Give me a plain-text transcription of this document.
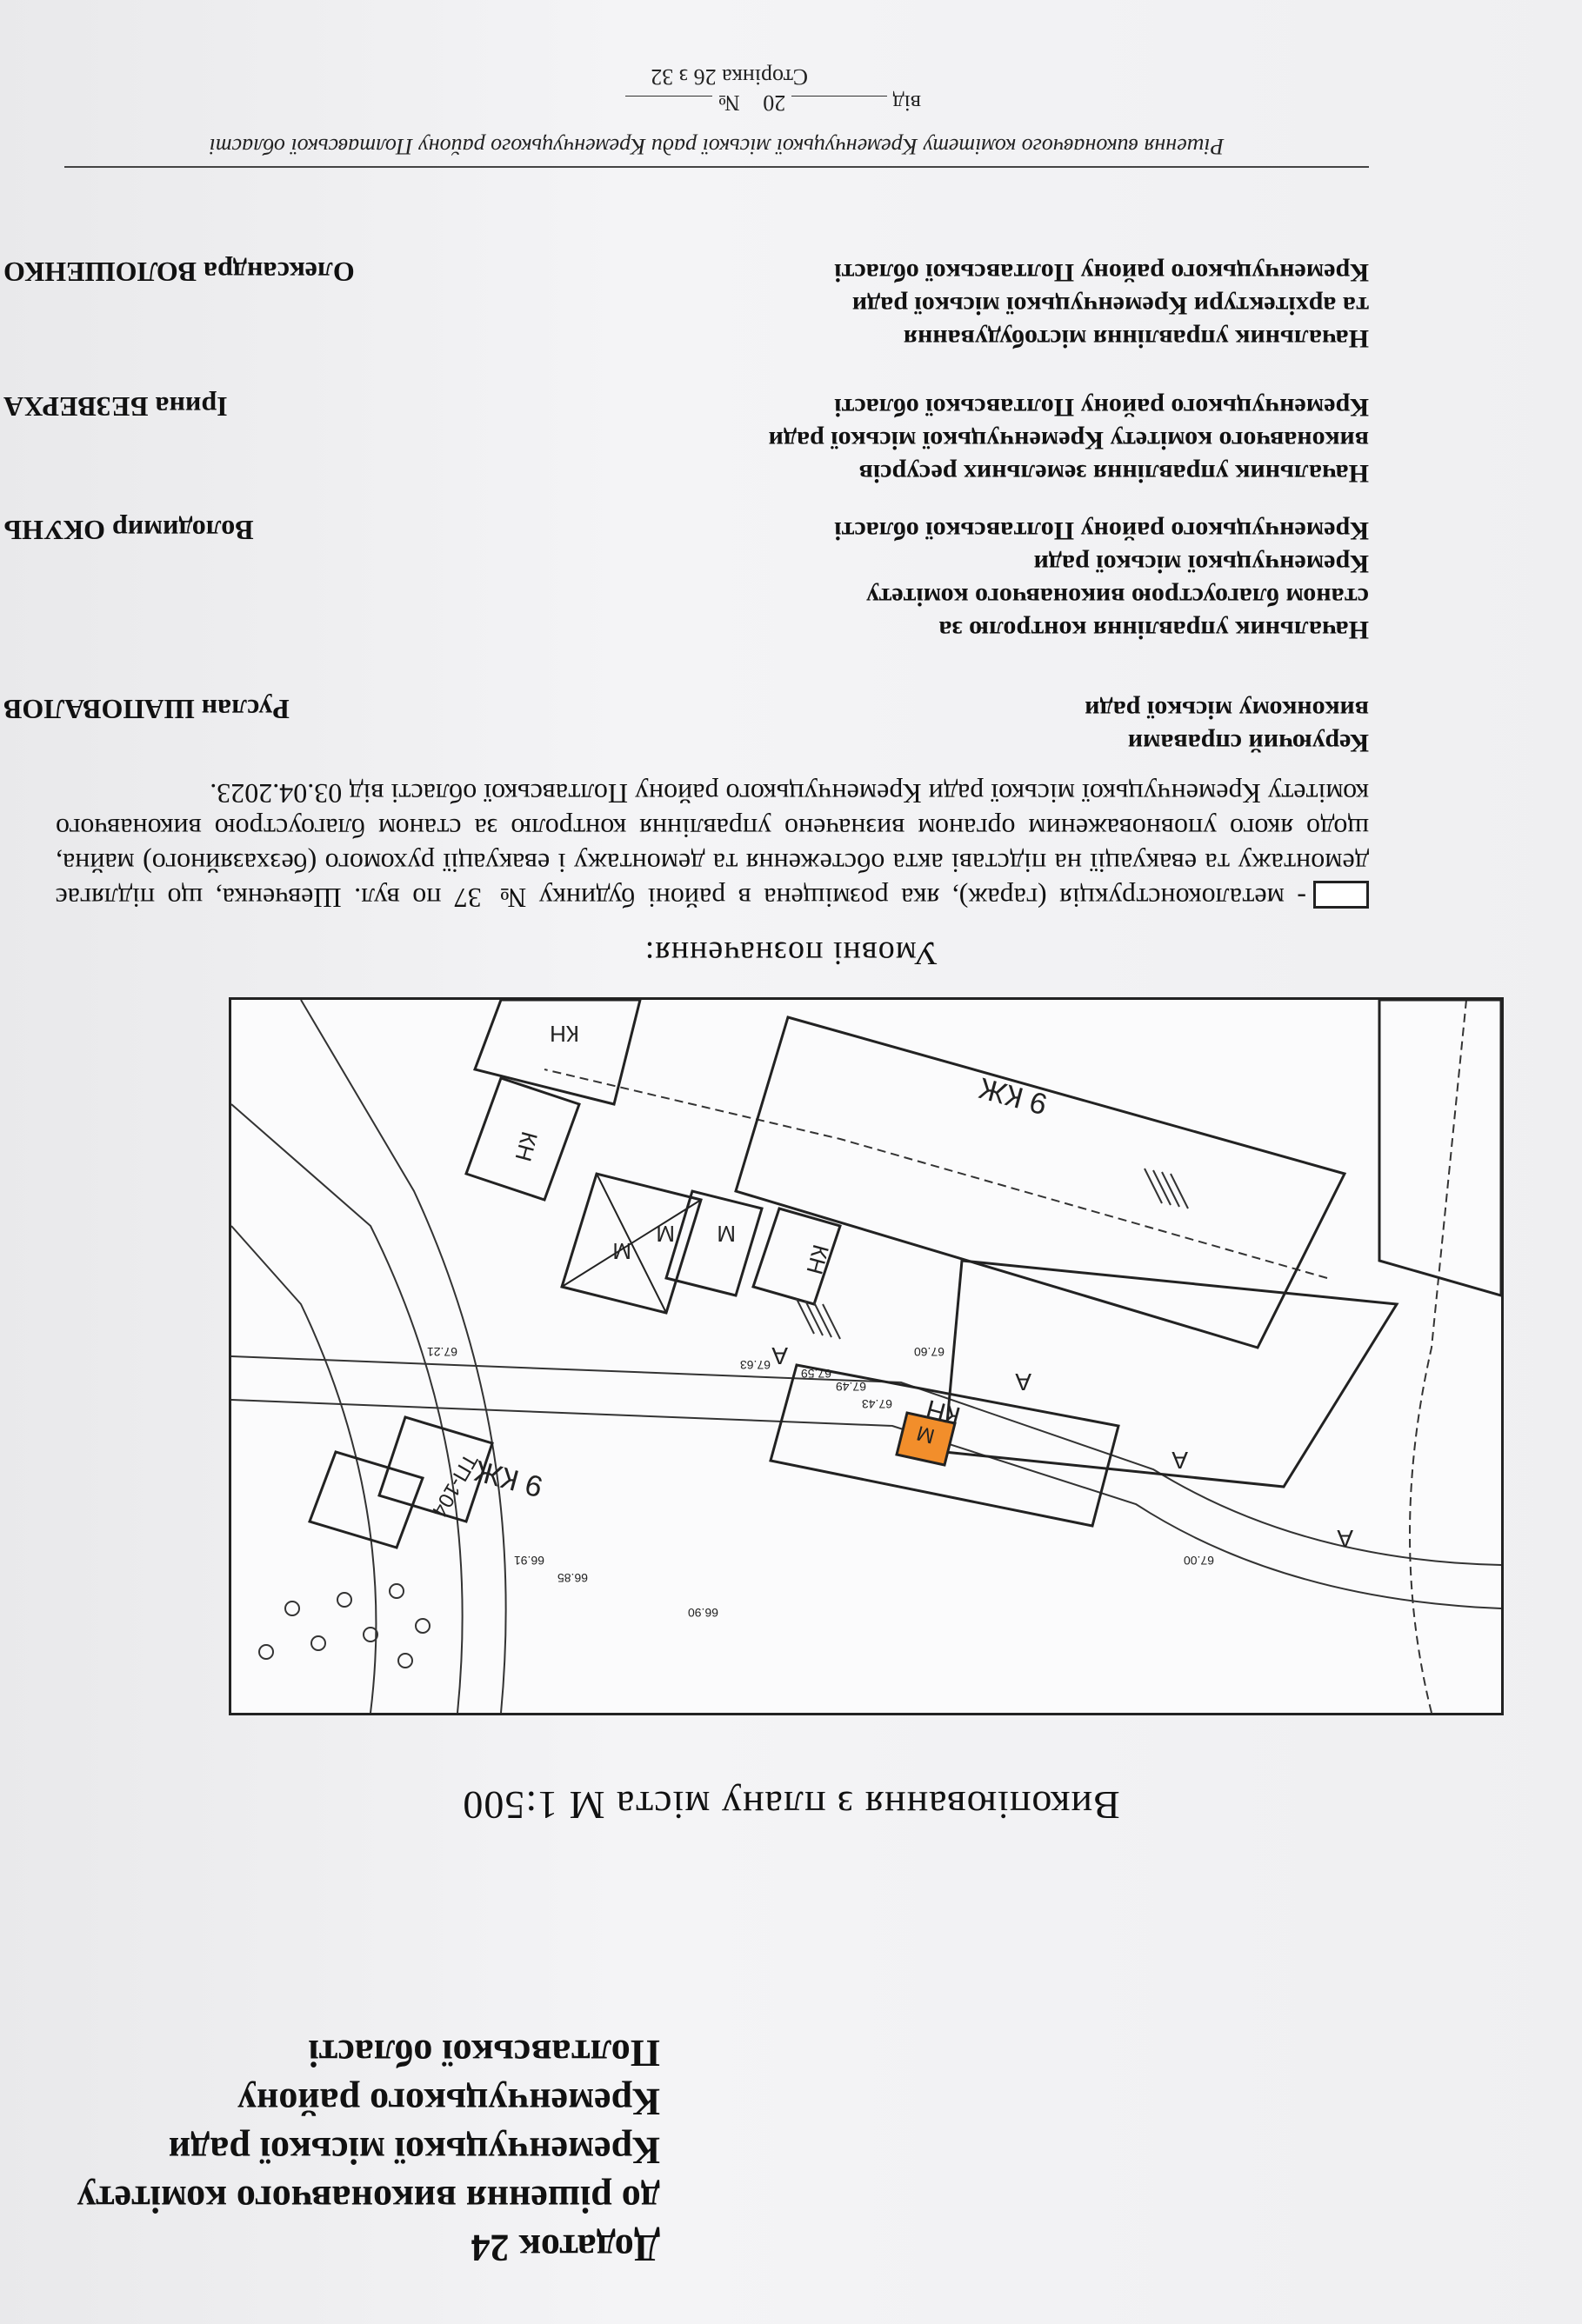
Додаток 24
до рішення виконавчого комітету
Кременчуцької міської ради
Кременчуцького району
Полтавської області
Викопіювання з плану міста М 1:500
9 КЖ
9 КЖ
КН
КН
КН
КН
ТП-104
М
М
М
А
А
А
А
М
67.43
67.49
67.59
67.63
67.60
66.91
66.85
67.00
67.21
66.90
Умовні позначення:
- металоконструкція (гараж), яка розміщена в районі будинку № 37 по вул. Шевченка, що підлягає демонтажу та евакуації на підставі акта обстеження та демонтажу і евакуації рухомого (безхазяйного) майна, щодо якого уповноваженим органом визначено управління контролю за станом благоустрою виконавчого комітету Кременчуцької міської ради Кременчуцького району Полтавської області від 03.04.2023.
Керуючий справами
виконкому міської ради
Руслан ШАПОВАЛОВ
Начальник управління контролю за
станом благоустрою виконавчого комітету
Кременчуцької міської ради
Кременчуцького району Полтавської області
Володимир ОКУНЬ
Начальник управління земельних ресурсів
виконавчого комітету Кременчуцької міської ради
Кременчуцького району Полтавської області
Ірина БЕЗВЕРХА
Начальник управління містобудування
та архітектури Кременчуцької міської ради
Кременчуцького району Полтавської області
Олександра ВОЛОШЕНКО
Рішення виконавчого комітету Кременчуцької міської ради Кременчуцького району Полтавської області
від  20 №
Сторінка 26 з 32
